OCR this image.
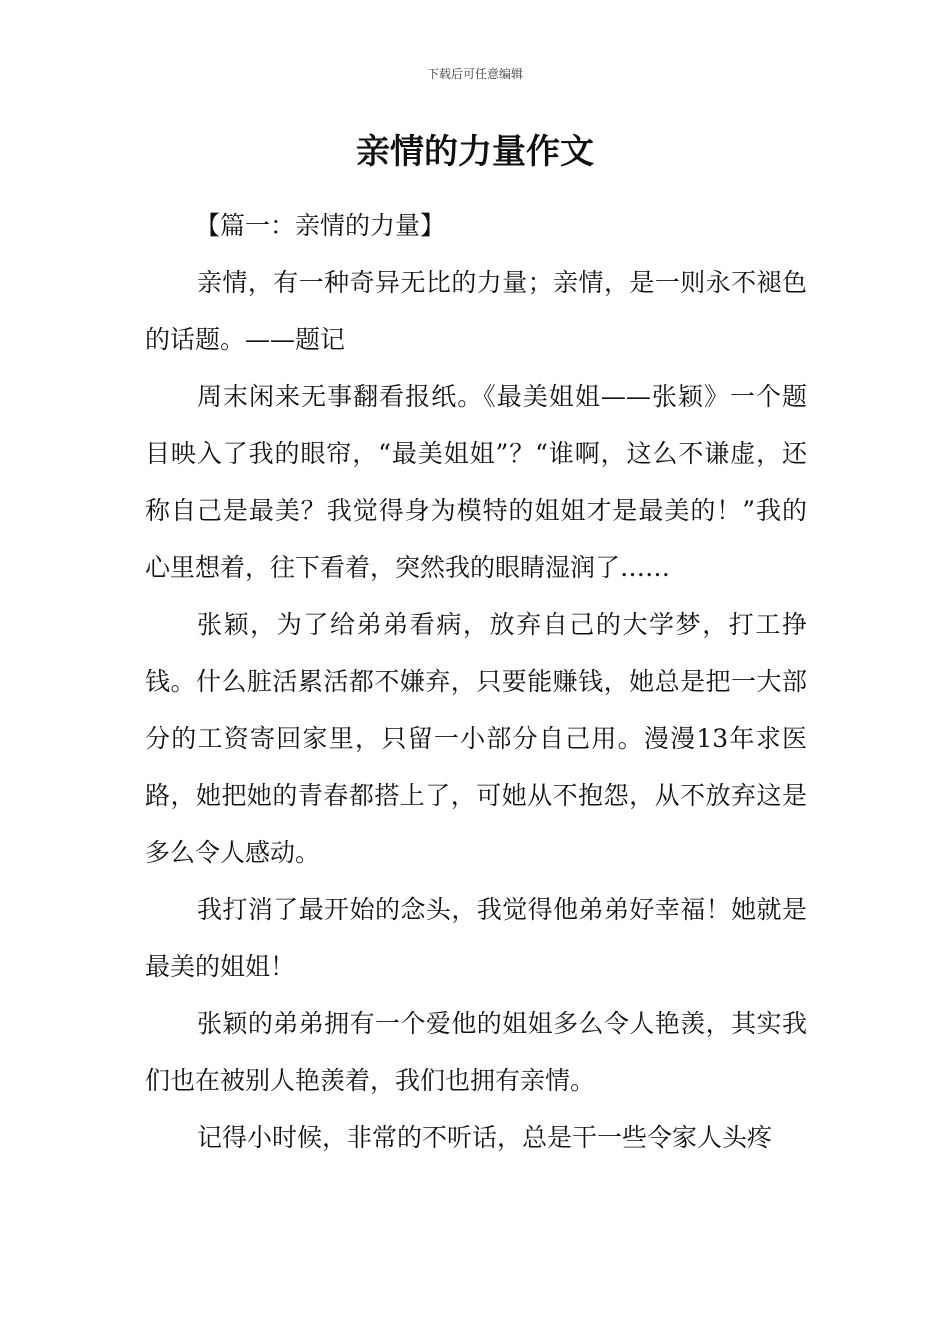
下载后可任意编辑
亲情的力量作文

【篇一：亲情的力量】

亲情，有一种奇异无比的力量；亲情，是一则永不褪色的话题。——题记

周末闲来无事翻看报纸。《最美姐姐——张颖》一个题目映入了我的眼帘，“最美姐姐”？“谁啊，这么不谦虚，还称自己是最美？我觉得身为模特的姐姐才是最美的！”我的心里想着，往下看着，突然我的眼睛湿润了……

张颖，为了给弟弟看病，放弃自己的大学梦，打工挣钱。什么脏活累活都不嫌弃，只要能赚钱，她总是把一大部分的工资寄回家里，只留一小部分自己用。漫漫13年求医路，她把她的青春都搭上了，可她从不抱怨，从不放弃这是多么令人感动。

我打消了最开始的念头，我觉得他弟弟好幸福！她就是最美的姐姐！

张颖的弟弟拥有一个爱他的姐姐多么令人艳羡，其实我们也在被别人艳羡着，我们也拥有亲情。

记得小时候，非常的不听话，总是干一些令家人头疼
